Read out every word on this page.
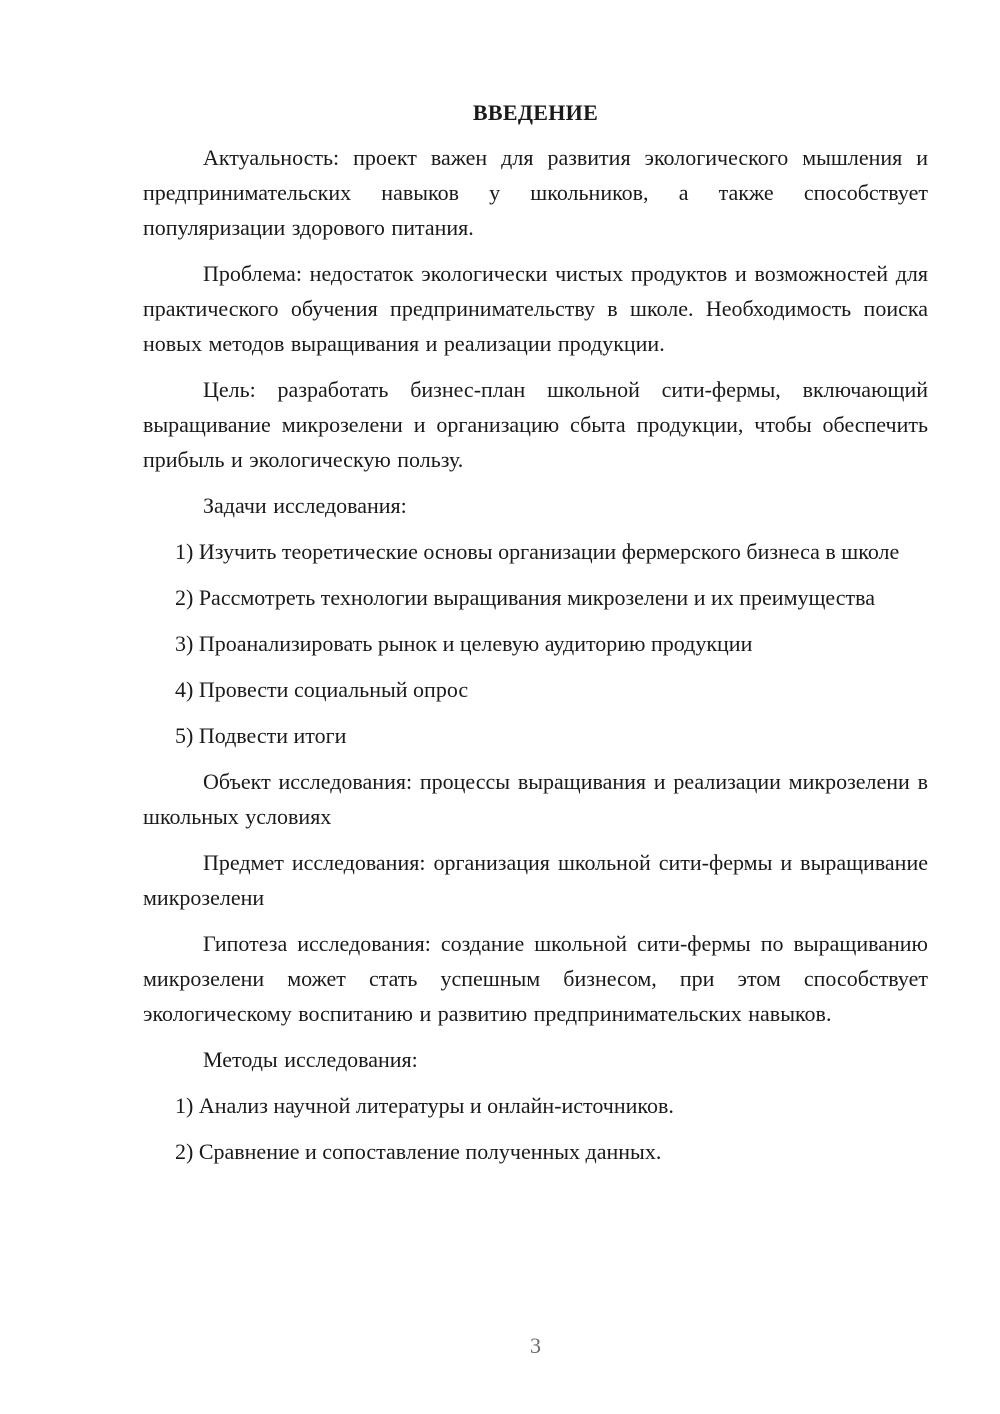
ВВЕДЕНИЕ

Актуальность: проект важен для развития экологического мышления и предпринимательских навыков у школьников, а также способствует популяризации здорового питания.

Проблема: недостаток экологически чистых продуктов и возможностей для практического обучения предпринимательству в школе. Необходимость поиска новых методов выращивания и реализации продукции.

Цель: разработать бизнес-план школьной сити-фермы, включающий выращивание микрозелени и организацию сбыта продукции, чтобы обеспечить прибыль и экологическую пользу.

Задачи исследования:

1) Изучить теоретические основы организации фермерского бизнеса в школе

2) Рассмотреть технологии выращивания микрозелени и их преимущества

3) Проанализировать рынок и целевую аудиторию продукции

4) Провести социальный опрос

5) Подвести итоги

Объект исследования: процессы выращивания и реализации микрозелени в школьных условиях

Предмет исследования: организация школьной сити-фермы и выращивание микрозелени

Гипотеза исследования: создание школьной сити-фермы по выращиванию микрозелени может стать успешным бизнесом, при этом способствует экологическому воспитанию и развитию предпринимательских навыков.

Методы исследования:

1) Анализ научной литературы и онлайн-источников.

2) Сравнение и сопоставление полученных данных.

3
